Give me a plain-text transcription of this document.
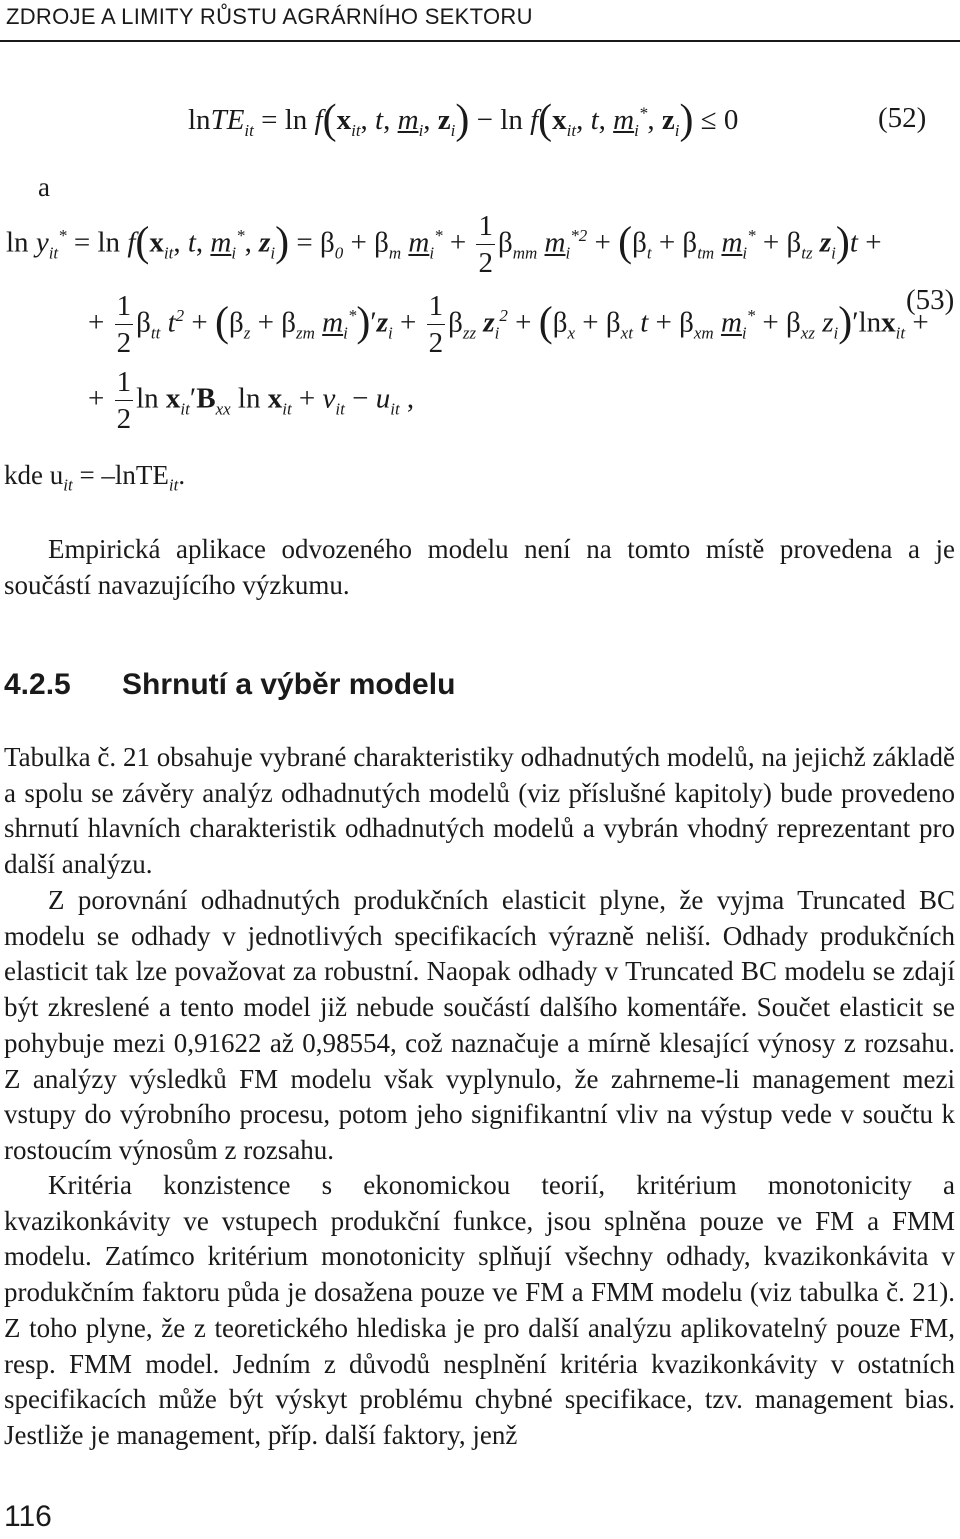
ZDROJE A LIMITY RŮSTU AGRÁRNÍHO SEKTORU
lnTE$_{it}$ = $\ln f(x_{it}$, t, $m_i$, $z_i) - \ln f(x_{it}$, t, $m_i^*$, $z_i) \le 0$	(52)
a
$\ln y_{it}^* = \ln f(x_{it}$, t, $m_i^*$, $z_i) = \beta_0 + \beta_m$ $m_i^* + \frac{1}{2} \beta_{mm}$ $m_i^{*2} + (\beta_t + \beta_{tm}$ $m_i^* + \beta_{tz}$ $z_i)t$ +
+ $\frac{1}{2} \beta_{tt}$ $t^2 + (\beta_z + \beta_{zm}$ $m_i^*)'z_i + \frac{1}{2} \beta_{zz}$ $z_i^2 + (\beta_x + \beta_{xt}$ $t + \beta_{xm}$ $m_i^* + \beta_{xz}$ $z_i)'\ln x_{it}$ +
(53)
+ $\frac{1}{2}$ $\ln x_{it}'B_{xx}$ $\ln x_{it} + v_{it} - u_{it}$ ,
kde $u_{it}$ = –lnTE$_{it}$.

Empirická aplikace odvozeného modelu není na tomto místě provedena a je součástí navazujícího výzkumu.

4.2.5 Shrnutí a výběr modelu

Tabulka č. 21 obsahuje vybrané charakteristiky odhadnutých modelů, na jejichž základě a spolu se závěry analýz odhadnutých modelů (viz příslušné kapitoly) bude provedeno shrnutí hlavních charakteristik odhadnutých modelů a vybrán vhodný reprezentant pro další analýzu.

Z porovnání odhadnutých produkčních elasticit plyne, že vyjma Truncated BC modelu se odhady v jednotlivých specifikacích výrazně neliší. Odhady produkčních elasticit tak lze považovat za robustní. Naopak odhady v Truncated BC modelu se zdají být zkreslené a tento model již nebude součástí dalšího komentáře. Součet elasticit se pohybuje mezi 0,91622 až 0,98554, což naznačuje a mírně klesající výnosy z rozsahu. Z analýzy výsledků FM modelu však vyplynulo, že zahrneme-li management mezi vstupy do výrobního procesu, potom jeho signifikantní vliv na výstup vede v součtu k rostoucím výnosům z rozsahu.

Kritéria konzistence s ekonomickou teorií, kritérium monotonicity a kvazikonkávity ve vstupech produkční funkce, jsou splněna pouze ve FM a FMM modelu. Zatímco kritérium monotonicity splňují všechny odhady, kvazikonkávita v produkčním faktoru půda je dosažena pouze ve FM a FMM modelu (viz tabulka č. 21). Z toho plyne, že z teoretického hlediska je pro další analýzu aplikovatelný pouze FM, resp. FMM model. Jedním z důvodů nesplnění kritéria kvazikonkávity v ostatních specifikacích může být výskyt problému chybné specifikace, tzv. management bias. Jestliže je management, příp. další faktory, jenž

116
